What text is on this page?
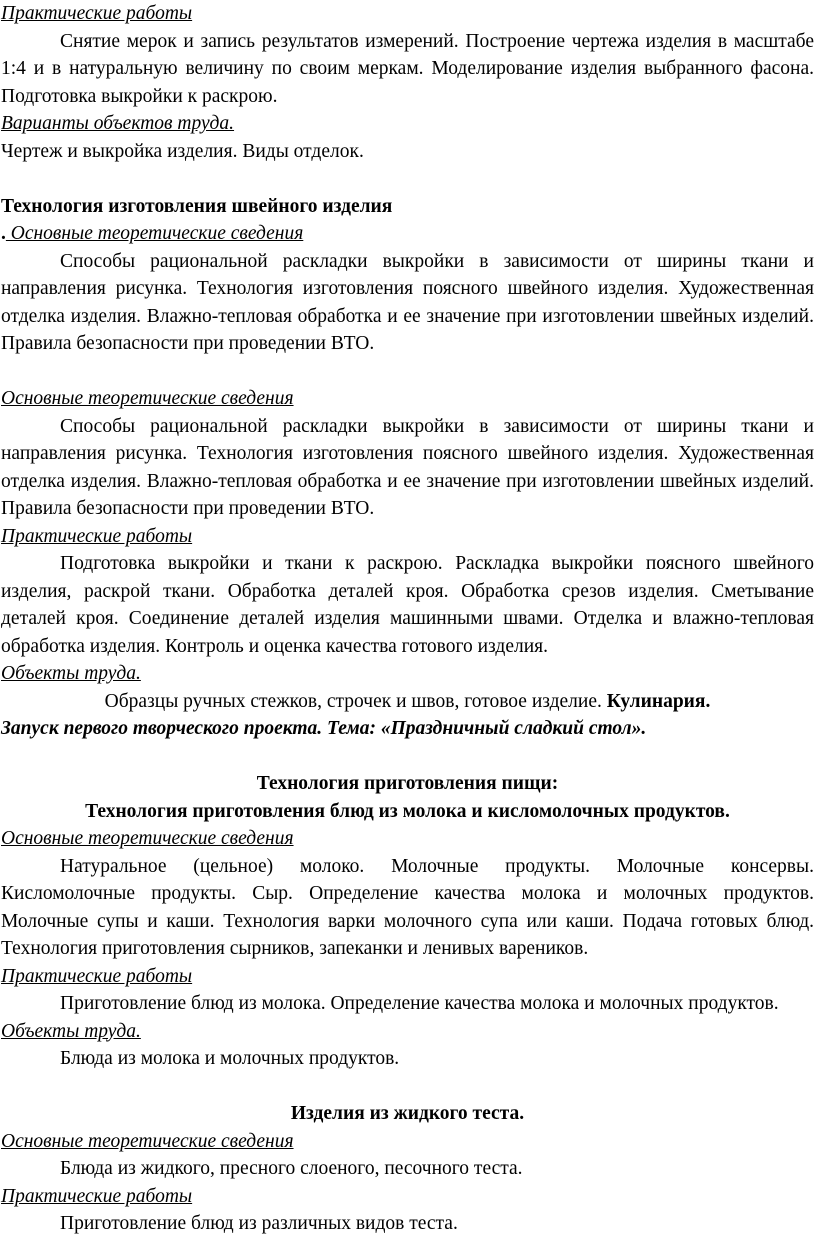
Практические работы

Снятие мерок и запись результатов измерений. Построение чертежа изделия в масштабе 1:4 и в натуральную величину по своим меркам. Моделирование изделия выбранного фасона. Подготовка выкройки к раскрою.

Варианты объектов труда.

Чертеж и выкройка изделия. Виды отделок.

Технология изготовления швейного изделия

. Основные теоретические сведения

Способы рациональной раскладки выкройки в зависимости от ширины ткани и направления рисунка. Технология изготовления поясного швейного изделия. Художественная отделка изделия. Влажно-тепловая обработка и ее значение при изготовлении швейных изделий. Правила безопасности при проведении ВТО.

Основные теоретические сведения

Способы рациональной раскладки выкройки в зависимости от ширины ткани и направления рисунка. Технология изготовления поясного швейного изделия. Художественная отделка изделия. Влажно-тепловая обработка и ее значение при изготовлении швейных изделий. Правила безопасности при проведении ВТО.

Практические работы

Подготовка выкройки и ткани к раскрою. Раскладка выкройки поясного швейного изделия, раскрой ткани. Обработка деталей кроя. Обработка срезов изделия. Сметывание деталей кроя. Соединение деталей изделия машинными швами. Отделка и влажно-тепловая обработка изделия. Контроль и оценка качества готового изделия.

Объекты труда.

Образцы ручных стежков, строчек и швов, готовое изделие. Кулинария.

Запуск первого творческого проекта. Тема: «Праздничный сладкий стол».

Технология приготовления пищи:

Технология приготовления блюд из молока и кисломолочных продуктов.

Основные теоретические сведения

Натуральное (цельное) молоко. Молочные продукты. Молочные консервы. Кисломолочные продукты. Сыр. Определение качества молока и молочных продуктов. Молочные супы и каши. Технология варки молочного супа или каши. Подача готовых блюд. Технология приготовления сырников, запеканки и ленивых вареников.

Практические работы

Приготовление блюд из молока. Определение качества молока и молочных продуктов.

Объекты труда.

Блюда из молока и молочных продуктов.

Изделия из жидкого теста.

Основные теоретические сведения

Блюда из жидкого, пресного слоеного, песочного теста.

Практические работы

Приготовление блюд из различных видов теста.
